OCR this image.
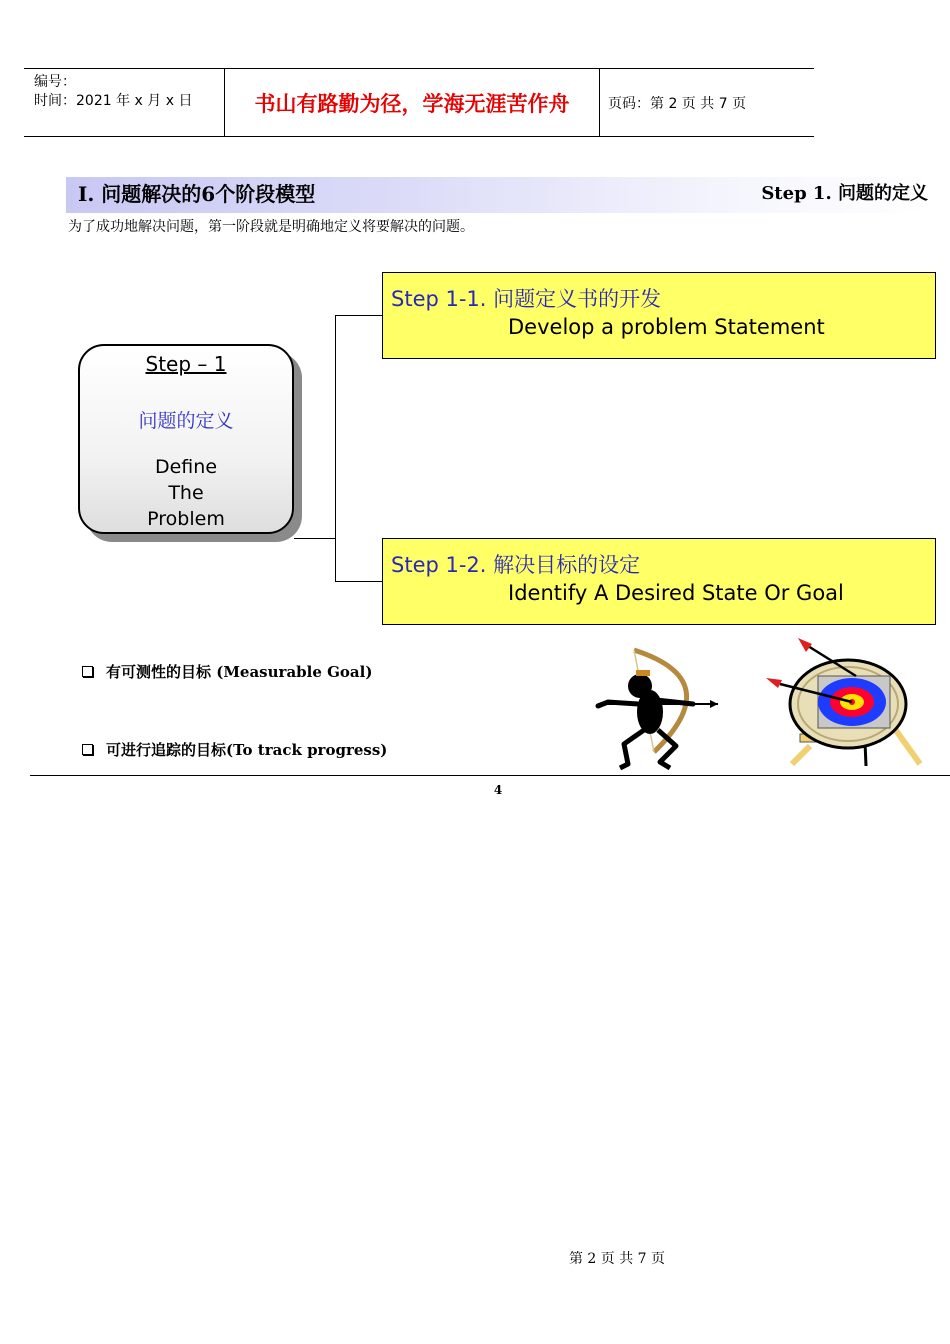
编号：
时间：2021 年 x 月 x 日	书山有路勤为径，学海无涯苦作舟	页码：第 2 页 共 7 页
I. 问题解决的6个阶段模型	Step 1. 问题的定义
为了成功地解决问题，第一阶段就是明确地定义将要解决的问题。
Step – 1
问题的定义
Define
The
Problem
Step 1-1. 问题定义书的开发
Develop a problem Statement
Step 1-2. 解决目标的设定
Identify A Desired State Or Goal
有可测性的目标 (Measurable Goal)
可进行追踪的目标(To track progress)
4
第 2 页 共 7 页
